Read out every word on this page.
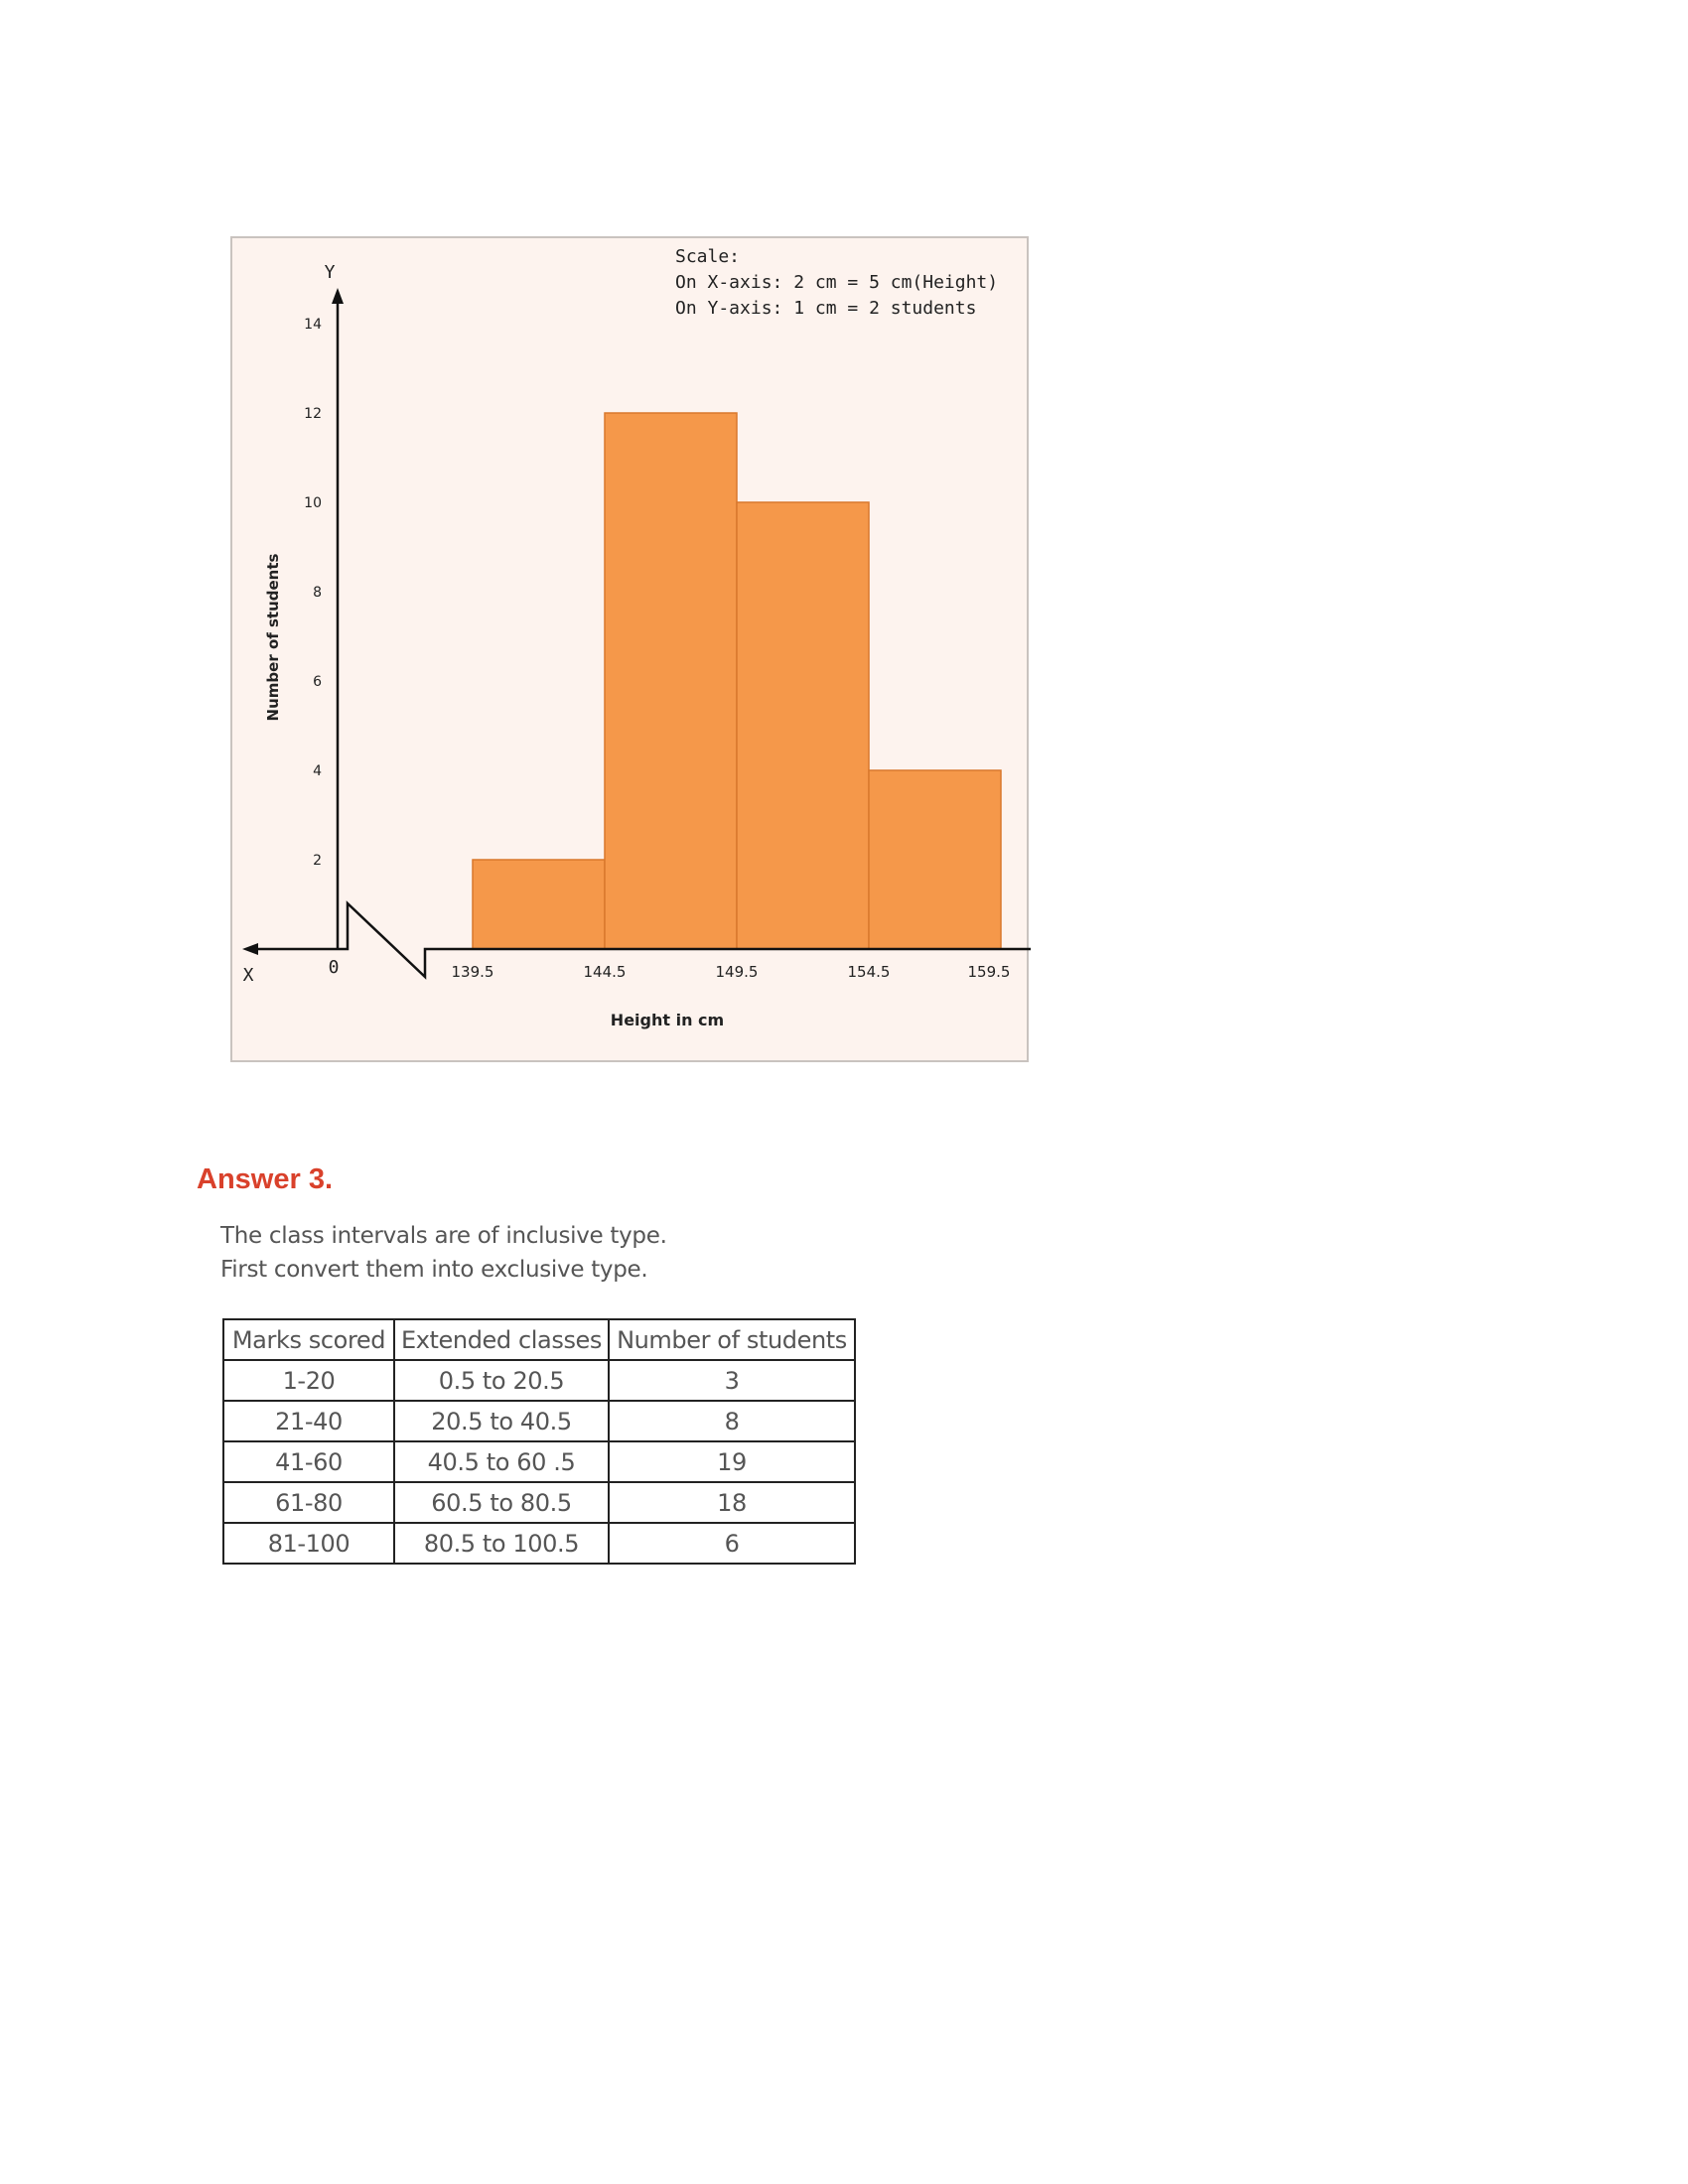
Y
X	0
2
4
6
8
10
12
14
139.5	144.5	149.5	154.5	159.5
Height in cm
Number of students
Scale:
On X-axis: 2 cm = 5 cm(Height)
On Y-axis: 1 cm = 2 students
Answer 3.
The class intervals are of inclusive type.
First convert them into exclusive type.
Marks scored	Extended classes	Number of students
1-20	0.5 to 20.5	3
21-40	20.5 to 40.5	8
41-60	40.5 to 60 .5	19
61-80	60.5 to 80.5	18
81-100	80.5 to 100.5	6
